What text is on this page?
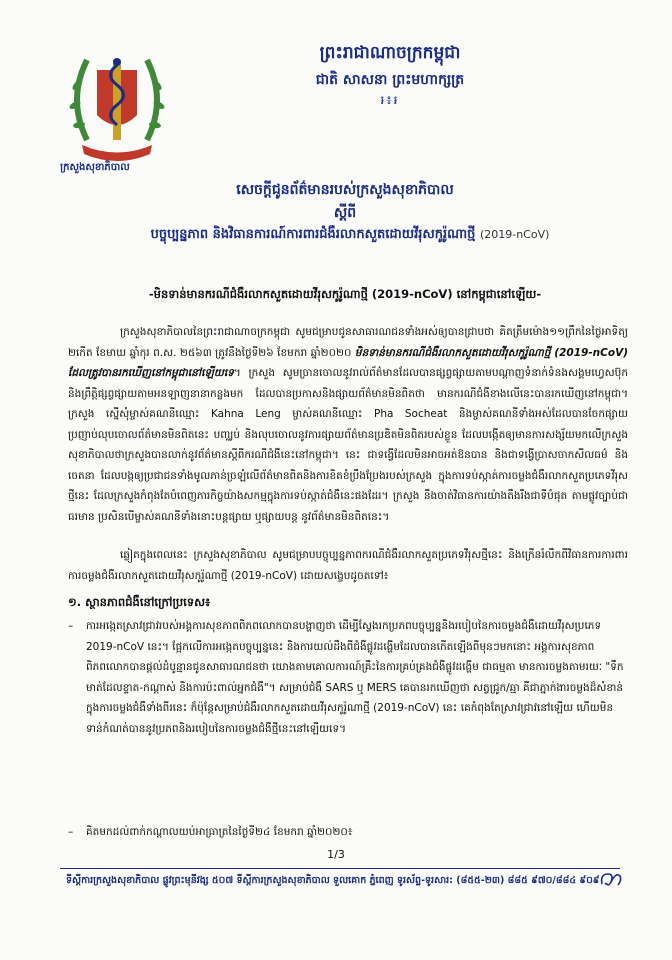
ក្រសួងសុខាភិបាល
ព្រះរាជាណាចក្រកម្ពុជា
ជាតិ សាសនា ព្រះមហាក្សត្រ
៛៖៛
សេចក្តីជូនព័ត៌មានរបស់ក្រសួងសុខាភិបាល
ស្តីពី
បច្ចុប្បន្នភាព និងវិធានការណ៍ការពារជំងឺរលាកសួតដោយវីរុសកូរ៉ូណាថ្មី (2019-nCoV)
-មិនទាន់មានករណីជំងឺរលាកសួតដោយវីរុសកូរ៉ូណាថ្មី (2019-nCoV) នៅកម្ពុជានៅឡើយ-
ក្រសួងសុខាភិបាលនៃព្រះរាជាណាចក្រកម្ពុជា សូមជម្រាបជូនសាធារណជនទាំងអស់ឲ្យបានជ្រាបថា គិតត្រឹមម៉ោង១១ព្រឹកនៃថ្ងៃអាទិត្យ ២កើត ខែមាឃ ឆ្នាំកុរ ព.ស. ២៥៦៣ ត្រូវនឹងថ្ងៃទី២៦ ខែមករា ឆ្នាំ២០២០ មិនទាន់មានករណីជំងឺរលាកសួតដោយវីរុសកូរ៉ូណាថ្មី (2019-nCoV) ដែលត្រូវបានរកឃើញនៅកម្ពុជានៅឡើយទេ។ ក្រសួង សូមច្រានចោលនូវរាល់ព័ត៌មានដែលបានផ្សព្វផ្សាយតាមបណ្តាញទំនាក់ទំនងសង្គមហ្វេសប៊ុក និងព្រឹត្តិផ្សព្វផ្សាយតាមអនឡាញនានាកន្លងមក ដែលបានប្រកាសនិងផ្សាយព័ត៌មានមិនពិតថា មានករណីជំងឺខាងលើនេះបានរកឃើញនៅកម្ពុជា។ ក្រសួង ស្នើសុំម្ចាស់គណនីឈ្មោះ Kahna Leng ម្ចាស់គណនីឈ្មោះ Pha Socheat និងម្ចាស់គណនីទាំងអស់ដែលបានចែកផ្សាយ ប្រញាប់លុបចោលព័ត៌មានមិនពិតនេះ បញ្ឈប់ និងលុបចោលនូវការផ្សាយព័ត៌មានប្រឌិតមិនពិតរបស់ខ្លួន ដែលបង្កើតឲ្យមានការសង្ស័យមកលើក្រសួងសុខាភិបាលថាក្រសួងបានលាក់នូវព័ត៌មានស្តីពីករណីជំងឺនេះនៅកម្ពុជា។ នេះ ជាទង្វើដែលមិនអាចអត់ឱនបាន និងជាទង្វើប្រាសចាកសីលធម៌ និងចេតនា ដែលបង្កឲ្យប្រជាជនទាំងមូលភាន់ច្រឡំលើព័ត៌មានពិតនិងការខិតខំប្រឹងប្រែងរបស់ក្រសួង ក្នុងការទប់ស្កាត់ការចម្លងជំងឺរលាកសួតប្រភេទវីរុសថ្មីនេះ ដែលក្រសួងកំពុងតែបំពេញភារកិច្ចយ៉ាងសកម្មក្នុងការទប់ស្កាត់ជំងឺនេះផងដែរ។ ក្រសួង នឹងចាត់វិធានការយ៉ាងតឹងរឹងជាទីបំផុត តាមផ្លូវច្បាប់ជាធរមាន ប្រសិនបើម្ចាស់គណនីទាំងនោះបន្តផ្សាយ ឬផ្សាយបន្ត នូវព័ត៌មានមិនពិតនេះ។
ឆ្លៀតក្នុងពេលនេះ ក្រសួងសុខាភិបាល សូមជម្រាបបច្ចុប្បន្នភាពករណីជំងឺរលាកសួតប្រភេទវីរុសថ្មីនេះ និងក្រើនរំលឹកពីវិធានការការពារការចម្លងជំងឺរលាកសួតដោយវីរុសកូរ៉ូណាថ្មី (2019-nCoV) ដោយសង្ខេបដូចតទៅ៖
១. ស្ថានភាពជំងឺនៅក្រៅប្រទេស៖
– ការអង្កេតស្រាវជ្រាវរបស់អង្គការសុខភាពពិភពលោកបានបង្ហាញថា ដើម្បីស្វែងរកប្រភពបច្ចុប្បន្ននិងរបៀបនៃការចម្លងជំងឺដោយវីរុសប្រភេទ 2019-nCoV នេះ។ ផ្អែកលើការអង្កេតបច្ចុប្បន្ននេះ និងការយល់ដឹងពីជំងឺផ្លូវដង្ហើមដែលបានកើតឡើងពីមុនៗមកនោះ អង្គការសុខភាពពិភពលោកបានផ្តល់ដំបូន្មានជូនសាធារណជនថា យោងតាមគោលការណ៍គ្រឹះនៃការគ្រប់គ្រងជំងឺផ្លូវដង្ហើម ជាធម្មតា មានការចម្លងតាមរយៈ "ទឹកមាត់ដែលខ្ទាត-កណ្តាស់ និងការប៉ះពាល់អ្នកជំងឺ"។ សម្រាប់ជំងឺ SARS ឬ MERS គេបានរកឃើញថា សត្វជ្រូក/ឆ្មា គឺជាភ្នាក់ងារចម្លងដ៏សំខាន់ក្នុងការចម្លងជំងឺទាំងពីរនេះ ក៏ប៉ុន្តែសម្រាប់ជំងឺរលាកសួតដោយវីរុសកូរ៉ូណាថ្មី (2019-nCoV) នេះ គេកំពុងតែស្រាវជ្រាវនៅឡើយ ហើយមិនទាន់កំណត់បាននូវប្រភពនិងរបៀបនៃការចម្លងជំងឺថ្មីនេះនៅឡើយទេ។
– គិតមកដល់ពាក់កណ្តាលយប់អាធ្រាត្រនៃថ្ងៃទី២៤ ខែមករា ឆ្នាំ២០២០៖
1/3
ទីស្តីការក្រសួងសុខាភិបាល ផ្លូវព្រះមុនីវង្ស ៥០៧ ទីស្តីការក្រសួងសុខាភិបាល ទួលគោក ភ្នំពេញ ទូរស័ព្ទ-ទូរសារ: (៨៥៥-២៣) ៨៨៥ ៩៧០/៨៨៤ ៩០៩
